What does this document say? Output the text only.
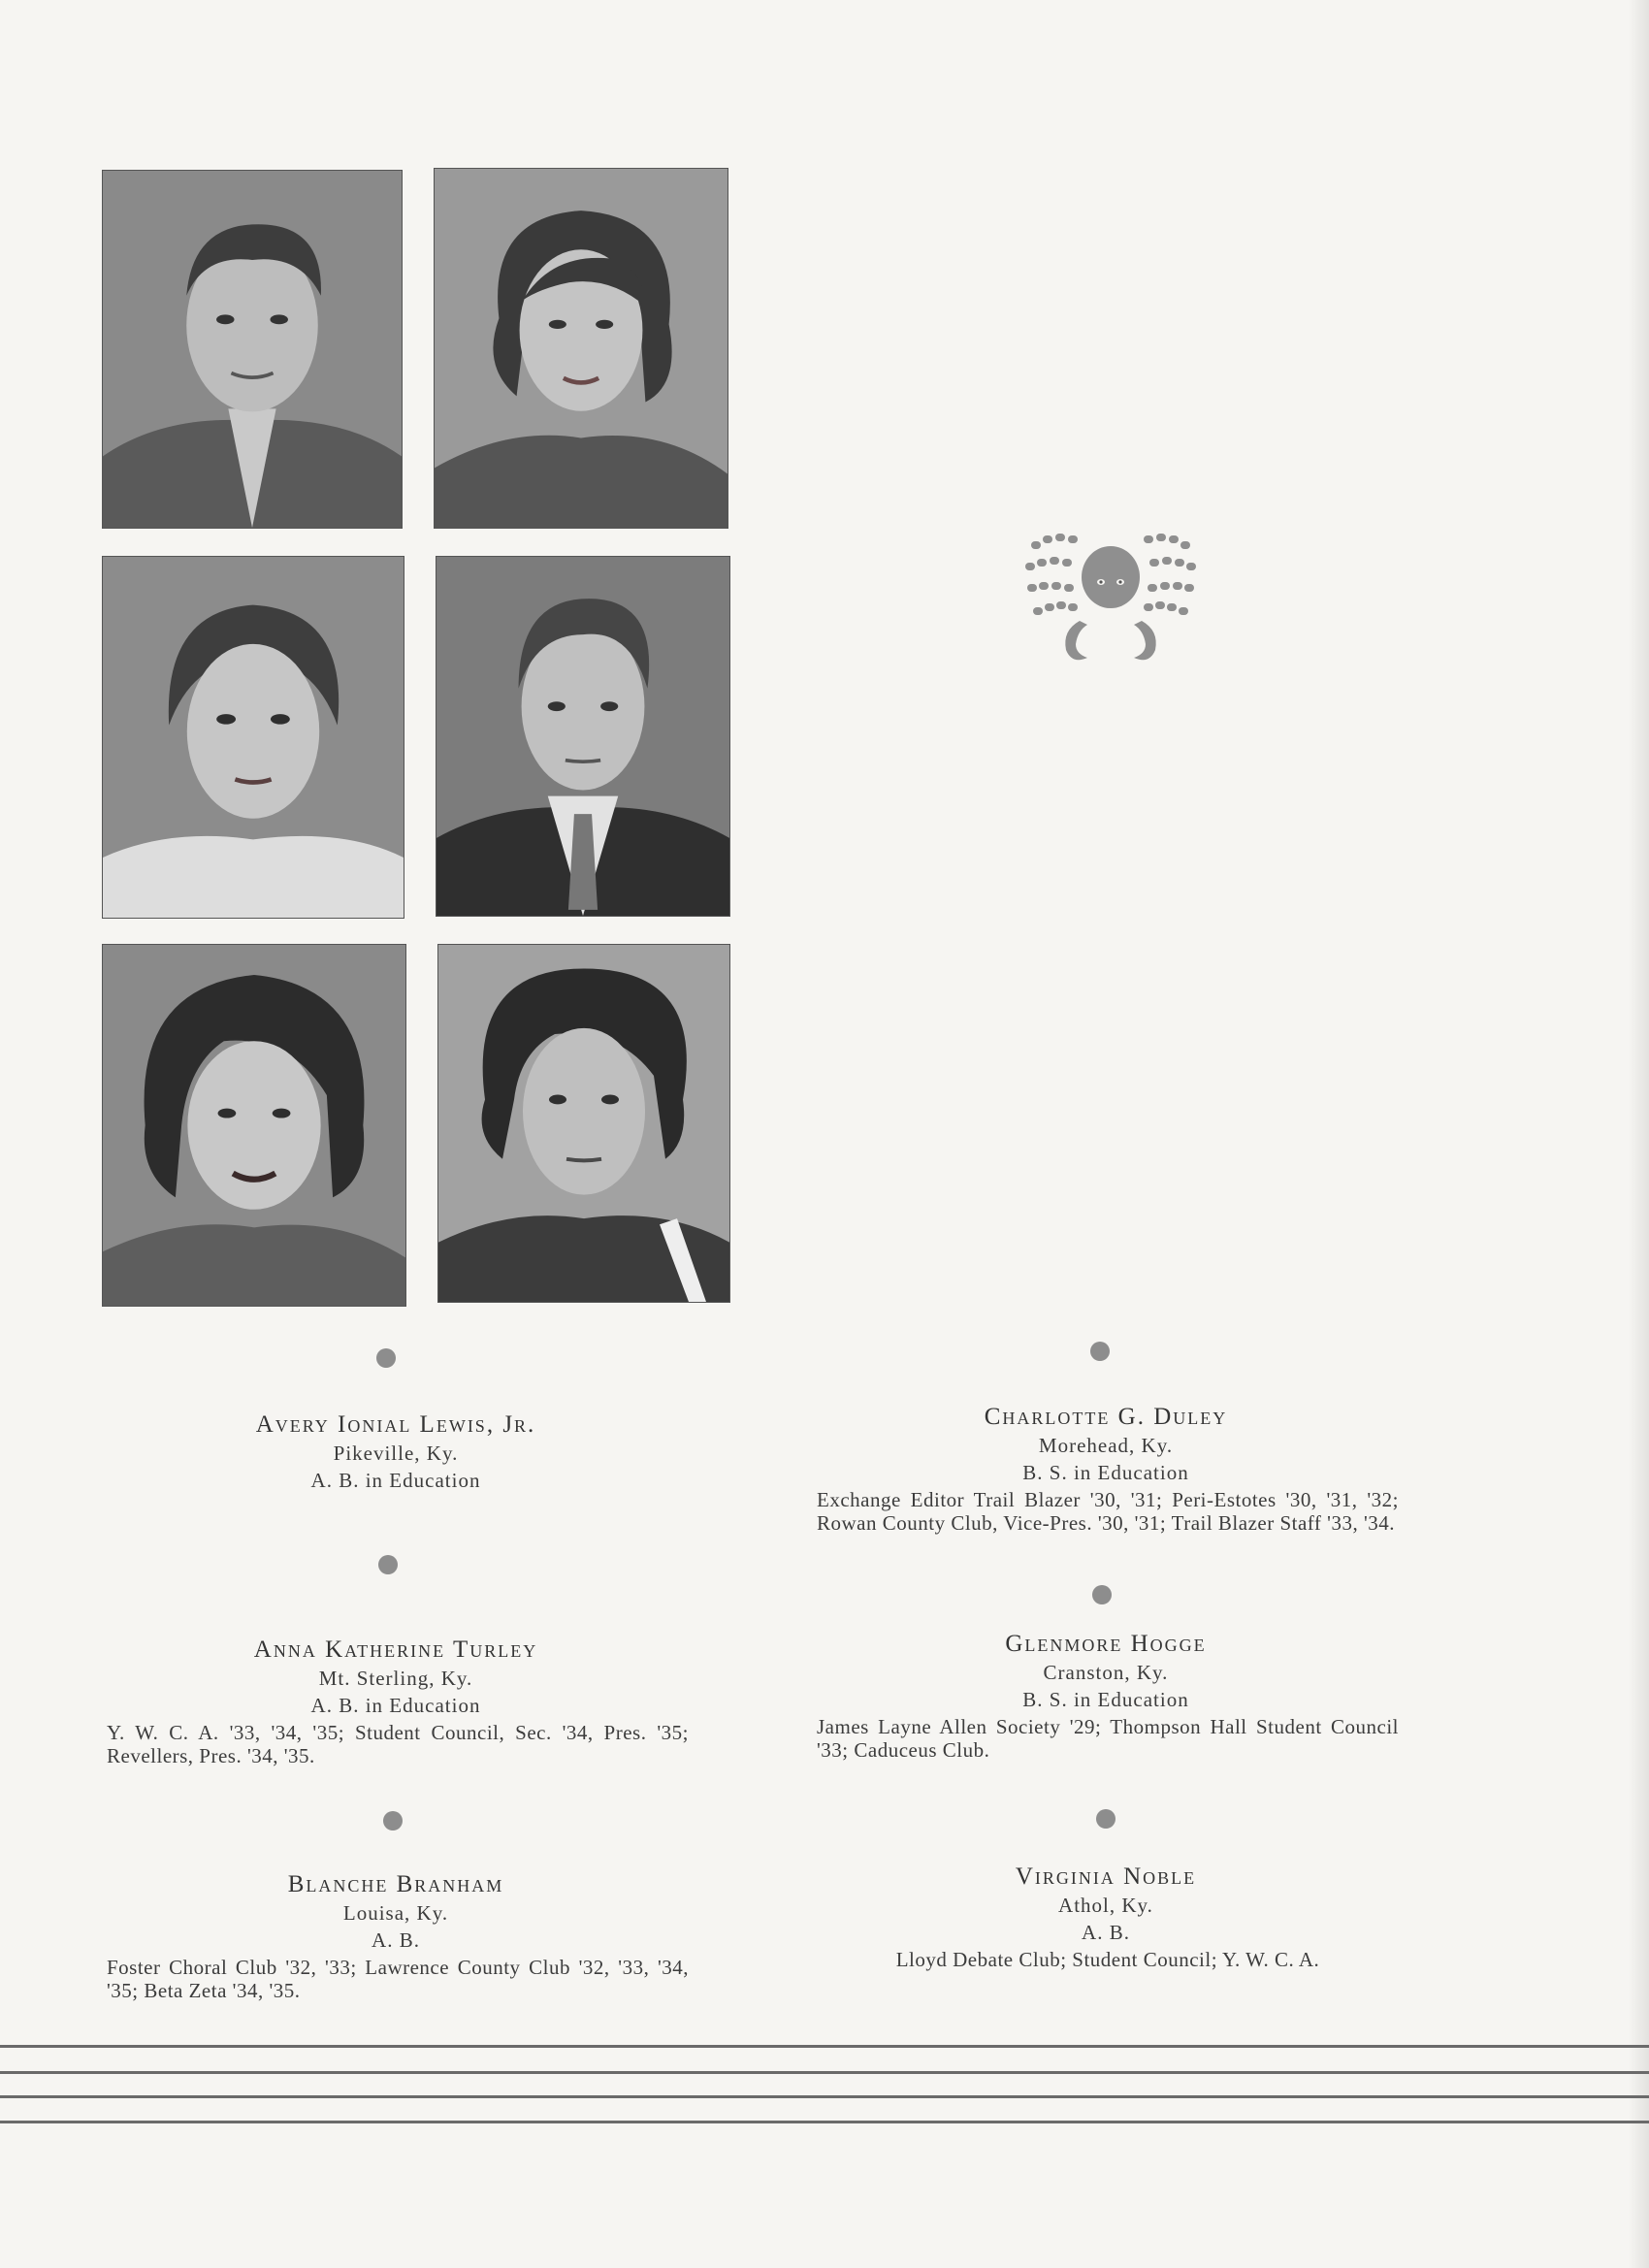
Avery Ionial Lewis, Jr.
Pikeville, Ky.
A. B. in Education
Anna Katherine Turley
Mt. Sterling, Ky.
A. B. in Education
Y. W. C. A. '33, '34, '35; Student Council, Sec. '34, Pres. '35; Revellers, Pres. '34, '35.
Blanche Branham
Louisa, Ky.
A. B.
Foster Choral Club '32, '33; Lawrence County Club '32, '33, '34, '35; Beta Zeta '34, '35.
Charlotte G. Duley
Morehead, Ky.
B. S. in Education
Exchange Editor Trail Blazer '30, '31; Peri-Estotes '30, '31, '32; Rowan County Club, Vice-Pres. '30, '31; Trail Blazer Staff '33, '34.
Glenmore Hogge
Cranston, Ky.
B. S. in Education
James Layne Allen Society '29; Thompson Hall Student Council '33; Caduceus Club.
Virginia Noble
Athol, Ky.
A. B.
Lloyd Debate Club; Student Council; Y. W. C. A.
